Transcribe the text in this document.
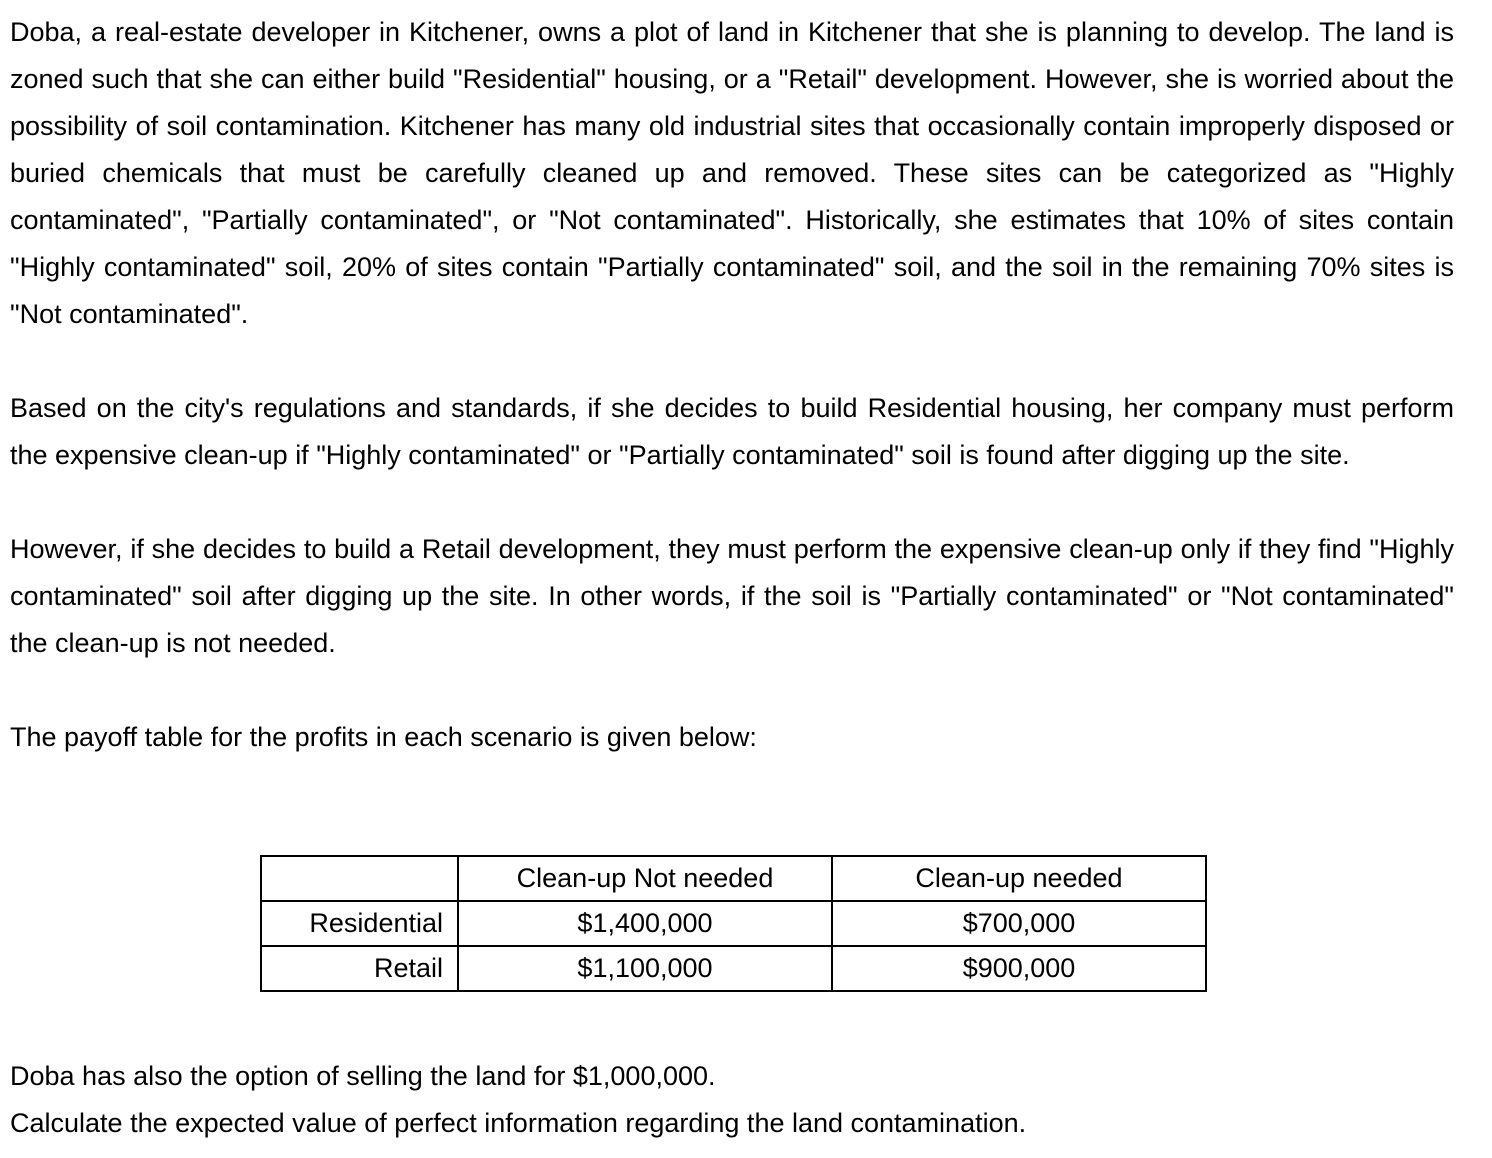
Doba, a real-estate developer in Kitchener, owns a plot of land in Kitchener that she is planning to develop. The land is zoned such that she can either build "Residential" housing, or a "Retail" development. However, she is worried about the possibility of soil contamination. Kitchener has many old industrial sites that occasionally contain improperly disposed or buried chemicals that must be carefully cleaned up and removed. These sites can be categorized as "Highly contaminated", "Partially contaminated", or "Not contaminated". Historically, she estimates that 10% of sites contain "Highly contaminated" soil, 20% of sites contain "Partially contaminated" soil, and the soil in the remaining 70% sites is "Not contaminated".

Based on the city's regulations and standards, if she decides to build Residential housing, her company must perform the expensive clean-up if "Highly contaminated" or "Partially contaminated" soil is found after digging up the site.

However, if she decides to build a Retail development, they must perform the expensive clean-up only if they find "Highly contaminated" soil after digging up the site. In other words, if the soil is "Partially contaminated" or "Not contaminated" the clean-up is not needed.

The payoff table for the profits in each scenario is given below:

	Clean-up Not needed	Clean-up needed
Residential	$1,400,000	$700,000
Retail	$1,100,000	$900,000

Doba has also the option of selling the land for $1,000,000.

Calculate the expected value of perfect information regarding the land contamination.
